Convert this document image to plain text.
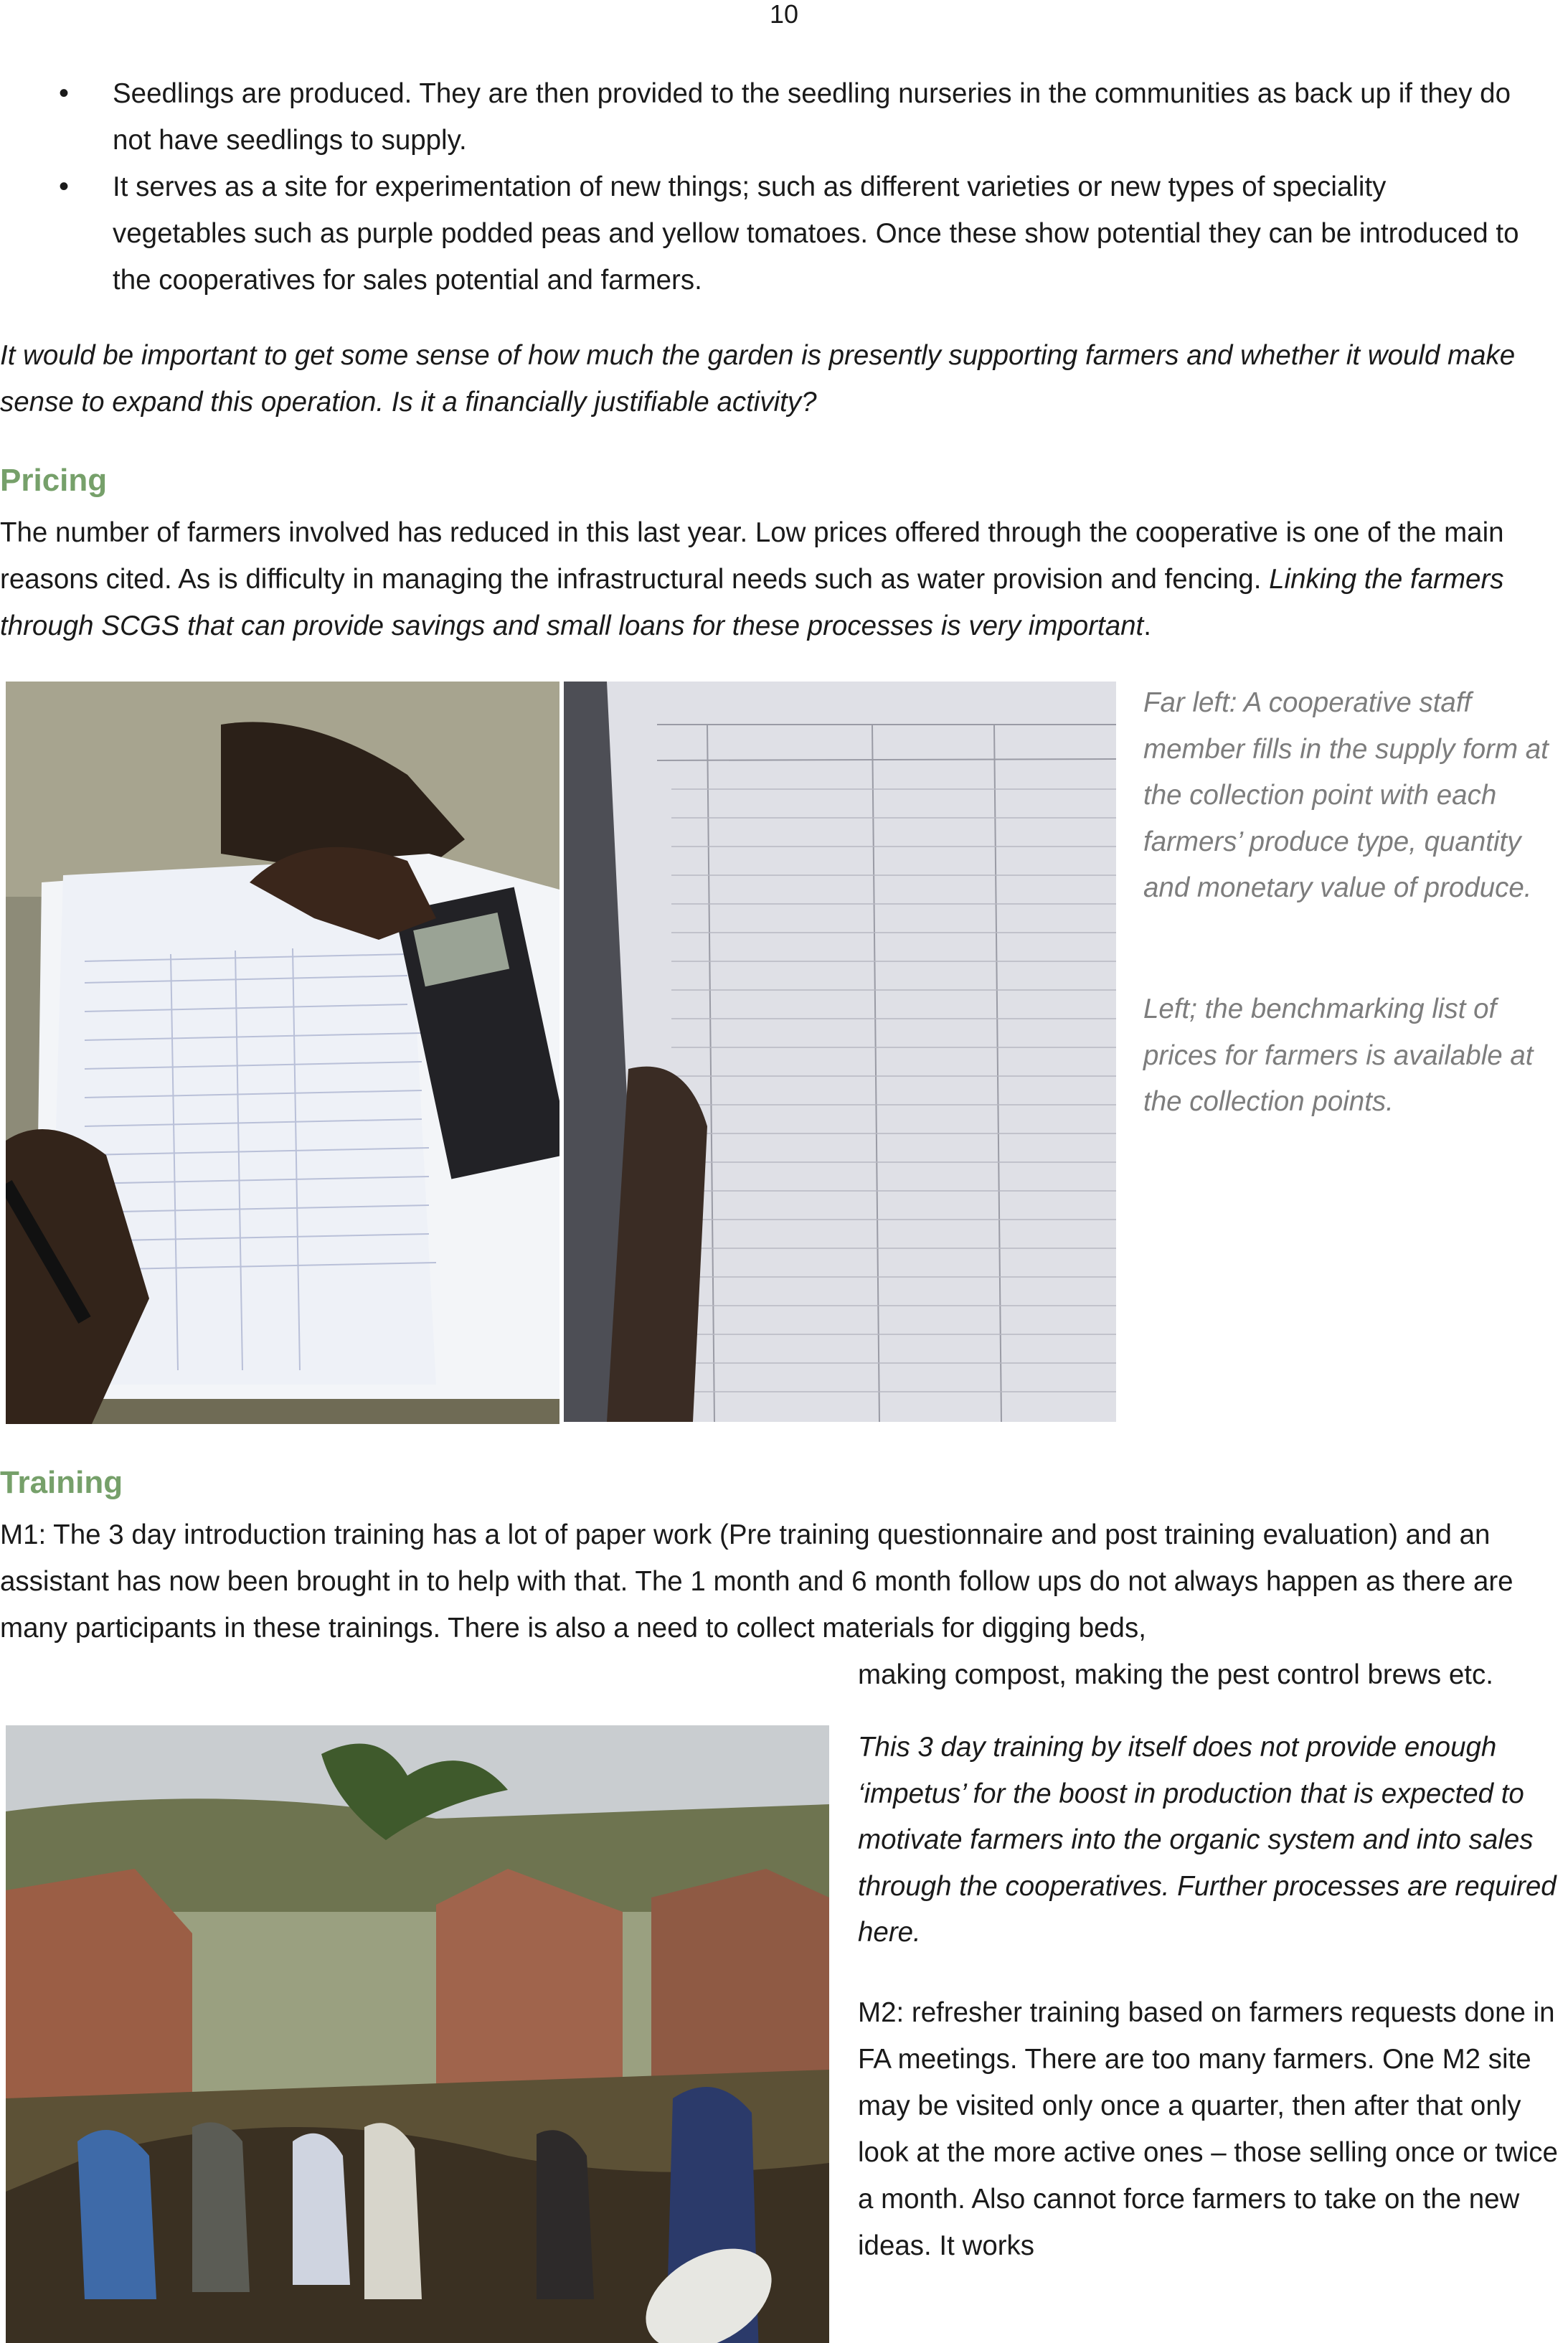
10
• Seedlings are produced. They are then provided to the seedling nurseries in the communities as back up if they do not have seedlings to supply.
• It serves as a site for experimentation of new things; such as different varieties or new types of speciality vegetables such as purple podded peas and yellow tomatoes. Once these show potential they can be introduced to the cooperatives for sales potential and farmers.

It would be important to get some sense of how much the garden is presently supporting farmers and whether it would make sense to expand this operation. Is it a financially justifiable activity?

Pricing

The number of farmers involved has reduced in this last year. Low prices offered through the cooperative is one of the main reasons cited. As is difficulty in managing the infrastructural needs such as water provision and fencing. Linking the farmers through SCGS that can provide savings and small loans for these processes is very important.

Far left: A cooperative staff member fills in the supply form at the collection point with each farmers’ produce type, quantity and monetary value of produce.
Left; the benchmarking list of prices for farmers is available at the collection points.
Training

M1: The 3 day introduction training has a lot of paper work (Pre training questionnaire and post training evaluation) and an assistant has now been brought in to help with that. The 1 month and 6 month follow ups do not always happen as there are many participants in these trainings. There is also a need to collect materials for digging beds,

making compost, making the pest control brews etc.
This 3 day training by itself does not provide enough ‘impetus’ for the boost in production that is expected to motivate farmers into the organic system and into sales through the cooperatives. Further processes are required here.

M2: refresher training based on farmers requests done in FA meetings. There are too many farmers. One M2 site may be visited only once a quarter, then after that only look at the more active ones – those selling once or twice a month. Also cannot force farmers to take on the new ideas. It works
